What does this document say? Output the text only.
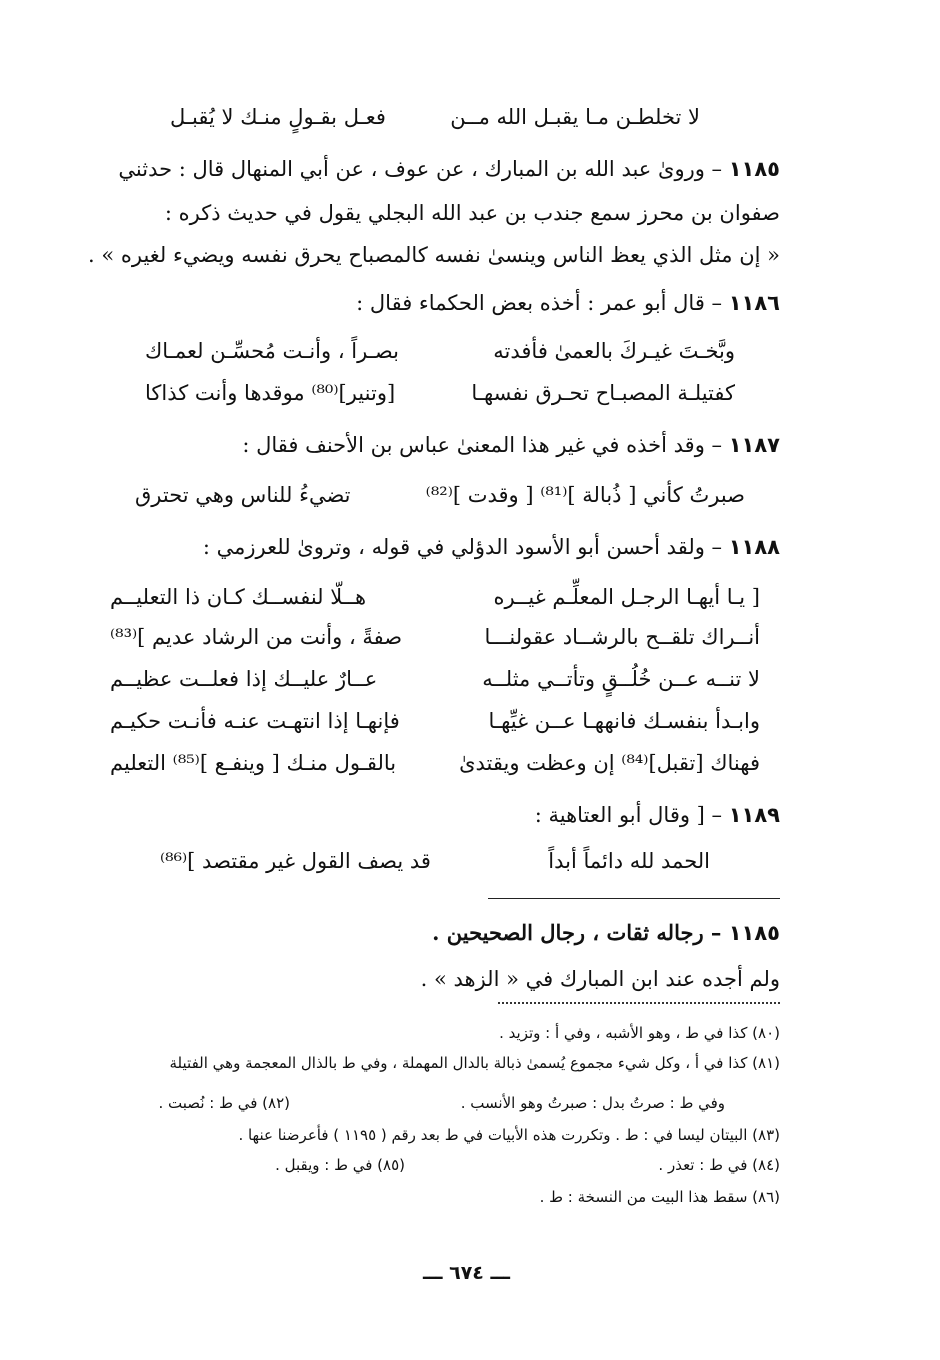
لا تخلطـن مـا يقبـل الله مــن
فعـل بقـولٍ منـك لا يُقبـل
١١٨٥ – وروىٰ عبد الله بن المبارك ، عن عوف ، عن أبي المنهال قال : حدثني
صفوان بن محرز سمع جندب بن عبد الله البجلي يقول في حديث ذكره :
« إن مثل الذي يعظ الناس وينسىٰ نفسه كالمصباح يحرق نفسه ويضيء لغيره » .
١١٨٦ – قال أبو عمر : أخذه بعض الحكماء فقال :
وبَّخـتَ غيـركَ بالعمىٰ فأفدته
بصـراً ، وأنـت مُحسِّـن لعمـاك
كفتيلـة المصبـاح تحـرق نفسهـا
[وتنير]⁽⁸⁰⁾ موقدها وأنت كذاكا
١١٨٧ – وقد أخذه في غير هذا المعنىٰ عباس بن الأحنف فقال :
صبرتُ كأني [ ذُبالة ]⁽⁸¹⁾ [ وقدت ]⁽⁸²⁾
تضيءُ للناس وهي تحترق
١١٨٨ – ولقد أحسن أبو الأسود الدؤلي في قوله ، وتروىٰ للعرزمي :
[ يـا أيهـا الرجـل المعلِّـم غيــره
هــلّا لنفســك كـان ذا التعليــم
أنــراك تلقــح بالرشــاد عقولنـــا
صفةً ، وأنت من الرشاد عديم ]⁽⁸³⁾
لا تنــه عــن خُلُــقٍ وتأتــي مثلــه
عــارٌ عليــك إذا فعلــت عظيــم
وابـدأ بنفسـك فانههـا عــن غيِّهـا
فإنهـا إذا انتهـت عنـه فأنـت حكيـم
فهناك [تقبل]⁽⁸⁴⁾ إن وعظت ويقتدىٰ
بالقـول منـك [ وينفـع ]⁽⁸⁵⁾ التعليم
١١٨٩ – [ وقال أبو العتاهية :
الحمد لله دائماً أبداً
قد يصف القول غير مقتصد ]⁽⁸⁶⁾
١١٨٥ – رجاله ثقات ، رجال الصحيحين .
ولم أجده عند ابن المبارك في « الزهد » .
(٨٠) كذا في ط ، وهو الأشبه ، وفي أ : وتزيد .
(٨١) كذا في أ ، وكل شيء مجموع يُسمىٰ ذبالة بالدال المهملة ، وفي ط بالذال المعجمة وهي الفتيلة
وفي ط : صرتُ بدل : صبرتُ وهو الأنسب .
(٨٢) في ط : نُصبت .
(٨٣) البيتان ليسا في : ط . وتكررت هذه الأبيات في ط بعد رقم ( ١١٩٥ ) فأعرضنا عنها .
(٨٤) في ط : تعذر .
(٨٥) في ط : ويقبل .
(٨٦) سقط هذا البيت من النسخة : ط .
ـــ ٦٧٤ ـــ
